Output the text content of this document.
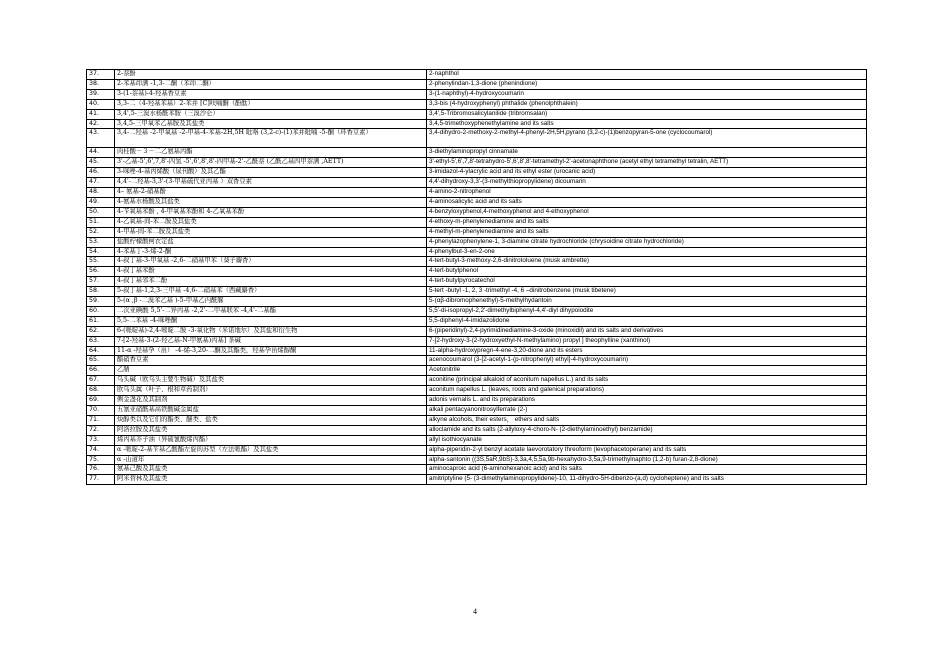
37.	2-萘酚	2-naphthol
38.	2-苯基茚满 -1,3-二酮（苯茚二酮）	2-phenylindan-1,3-dione (phenindione)
39.	3-(1-萘基)-4-羟基香豆素	3-(1-naphthyl)-4-hydroxycoumarin
40.	3,3-二（4-羟基苯基）2-苯并 [C]呋喃酮（酚酞）	3,3-bis (4-hydroxyphenyl) phthalide (phenolphthalein)
41.	3,4',5-三溴水杨酰苯胺（三溴沙仑）	3,4',5-Tribromosalicylanilide (tribromsalan)
42.	3,4,5-三甲氧苯乙基胺及其盐类	3,4,5-trimethoxyphenethylamine and its salts
43.	3,4-二羟基 -2-甲氧基 -2-甲基-4-苯基-2H,5H 吡咯 (3,2-c)-(1)苯并吡喃 -5-酮（环香豆素）	3,4-dihydro-2-methoxy-2-methyl-4-phenyl-2H,5H,pyrano (3,2-c)-(1)benzopyran-5-one (cyclocoumarol)
44.	肉桂酸－３－二乙氨基丙酯	3-diethylaminopropyl cinnamate
45.	3'-乙基-5',6',7,8'-四氢 -5',6',8',8'-四甲基-2'-乙酰萘 (乙酰乙基四甲萘满 ,AETT)	3'-ethyl-5',6',7,8'-tetrahydro-5',6',8',8'-tetramethyl-2'-acetonaphthone (acetyl ethyl tetramethyl tetralin, AETT)
46.	3-咪唑-4-基丙烯酸（尿刊酸）及其乙酯	3-imidazol-4-ylacrylic acid and its ethyl ester (urocanic acid)
47.	4,4'-二羟基-3,3'-(3-甲基硫代亚丙基 ）双香豆素	4,4'-dihydroxy-3,3'-(3-methylthiopropylidene) dicoumarin
48.	4– 氨基-2-硝基酚	4-amino-2-nitrophenol
49.	4-氨基水杨酸及其盐类	4-aminosalicylic acid and its salts
50.	4-苄氧基苯酚 , 4-甲氧基苯酚和 4-乙氧基苯酚	4-benzyloxyphenol,4-methoxyphenol and 4-ethoxyphenol
51.	4-乙氧基-间-苯二胺及其盐类	4-ethoxy-m-phenylenediamine and its salts
52.	4-甲基-间-苯二胺及其盐类	4-methyl-m-phenylenediamine and its salts
53.	盐酸柠檬酸柯衣定盐	4-phenylazophenylene-1, 3-diamine citrate hydrochloride (chrysoidine citrate hydrochloride)
54.	4-苯基丁-3-烯-2-酮	4-phenylbut-3-en-2-one
55.	4-叔丁基-3-甲氧基 -2,6-二硝基甲苯（葵子麝香）	4-tert-butyl-3-methoxy-2,6-dinitrotoluene (musk ambrette)
56.	4-叔丁基苯酚	4-tert-butylphenol
57.	4-叔丁基邻苯二酚	4-tert-butylpyrocatechol
58.	5-叔丁基-1,2,3-三甲基 -4,6-二硝基苯（西藏麝香）	5-tert -butyl -1, 2, 3 -trimethyl -4, 6 –dinitrobenzene (musk tibetene)
59.	5-(α ,β -二溴苯乙基 )-5-甲基乙内酰脲	5-(αβ-dibromophenethyl)-5-methylhydantoin
60.	二次亚碘酸 5,5'-二异丙基 -2,2'-二甲基联苯 -4,4'-二基酯	5,5'-di-isopropyl-2,2'-dimethylbiphenyl-4,4'-diyl dihypoiodite
61.	5,5-二苯基 -4-咪唑酮	5,5-diphenyl-4-imidazolidone
62.	6-(哌啶基)-2,4-嘧啶二胺 -3-氧化物（米诺地尔）及其盐和衍生物	6-(piperidinyl)-2,4-pyrimidinediamine-3-oxide (minoxidil) and its salts and derivatives
63.	7-[2-羟基-3-(2-羟乙基-N-甲氨基)丙基] 茶碱	7-[2-hydroxy-3-(2-hydroxyethyl-N-methylamino) propyl ] theophylline (xanthinol)
64.	11-α -羟基孕（甾） -4-烯-3,20-二酮及其酯类，羟基孕甾烯醇酮	11-alpha-hydroxypregn-4-ene-3,20-dione and its esters
65.	醋硝香豆素	acenocoumarol (3-[2-acetyl-1-(p-nitrophenyl) ethyl]-4-hydroxycoumarin)
66.	乙腈	Acetonitrile
67.	乌头碱（欧乌头主要生物碱）及其盐类	aconitine (principal alkaloid of aconitum napellus L.) and its salts
68.	欧乌头属（叶子、根和草药制剂）	aconitum napellus L. (leaves, roots and galenical preparations)
69.	侧金盏花及其制剂	adonis vernalis L. and its preparations
70.	五氰亚硝酰基高铁酸碱金属盐	alkali pentacyanonitrosylferrate (2-)
71.	炔醇类以及它们的酯类、醚类、盐类	alkyne alcohols, their esters， ethers and salts
72.	阿洛拉胺及其盐类	alloclamide and its salts (2-allyloxy-4-choro-N- (2-diethylaminoethyl) benzamide)
73.	烯丙基芥子油（异硫氰酸烯丙酯）	allyl isothiocyanate
74.	α -哌啶-2-基苄基乙酸酯左旋的苏型（左法哌酯）及其盐类	alpha-piperidin-2-yl benzyl acetate laevorotatory threoform (levophacetoperane) and its salts
75.	α -山道年	alpha-santonin ((3S,5aR,9bS)-3,3a,4,5,5a,9b-hexahydro-3,5a,9-trimethylnaphto (1,2-b) furan-2,8-dione)
76.	氨基己酸及其盐类	aminocaproic acid (6-aminohexanoic acid) and its salts
77.	阿米替林及其盐类	amitriptyline (5- (3-dimethylaminopropylidene)-10, 11-dihydro-5H-dibenzo-(a,d) cycloheptene) and its salts
4
